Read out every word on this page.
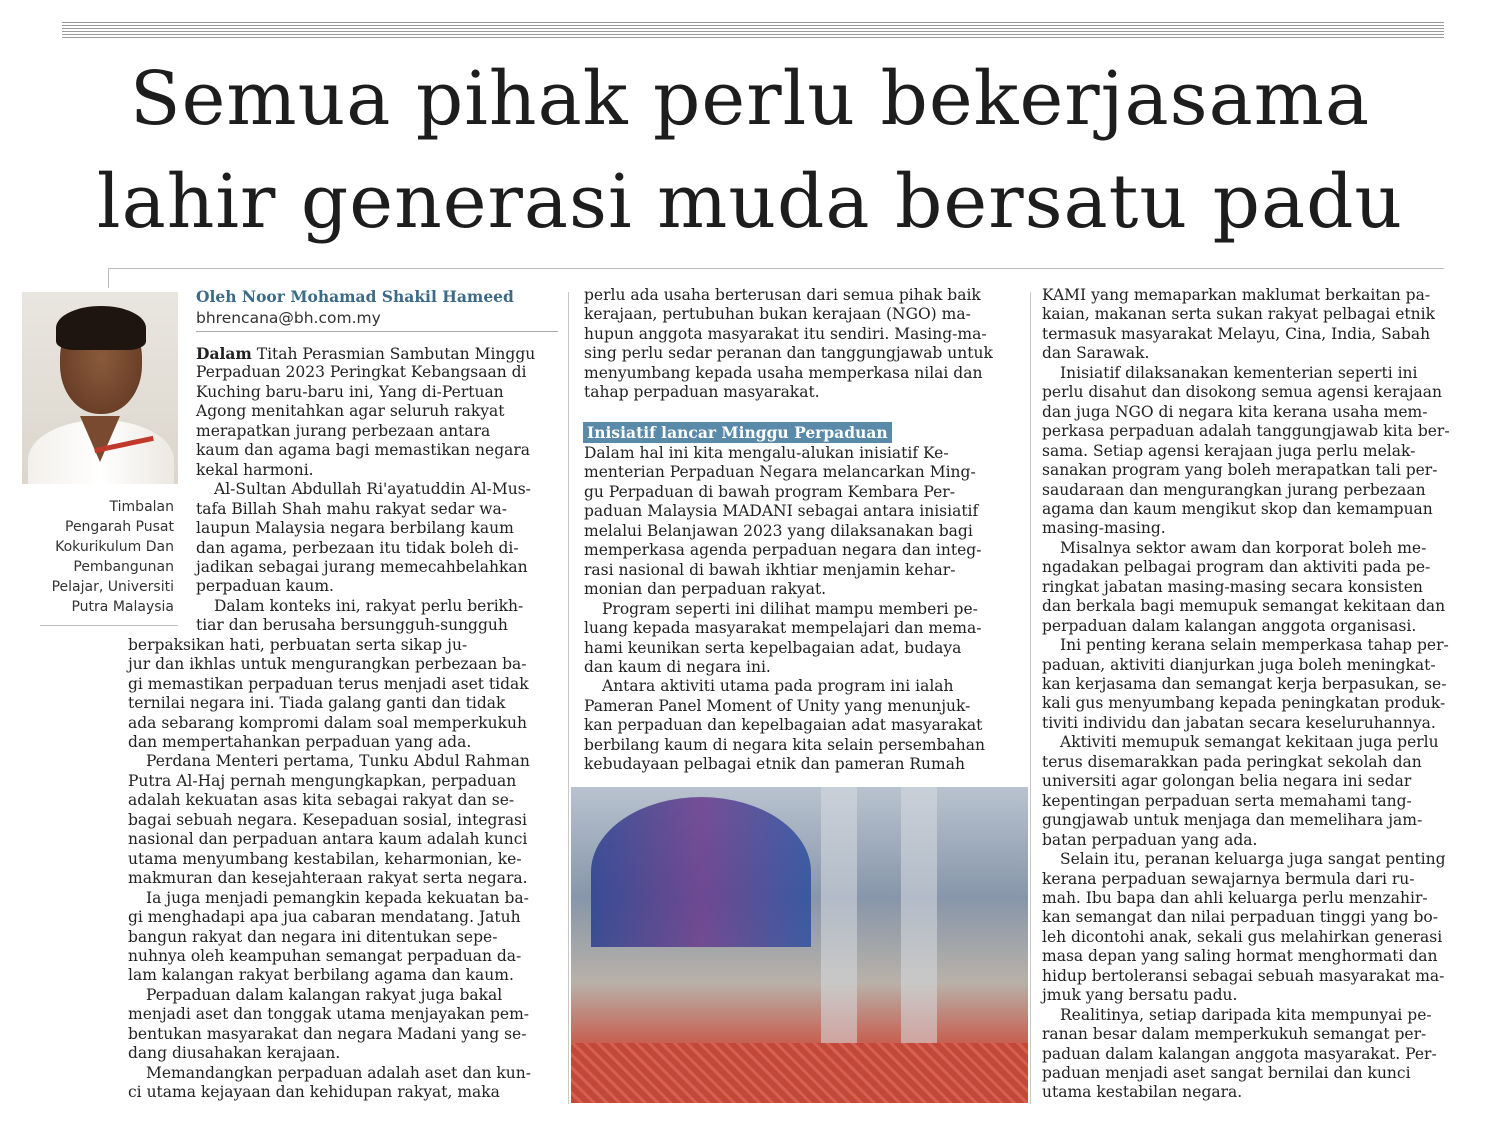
Semua pihak perlu bekerjasama
lahir generasi muda bersatu padu
Timbalan
Pengarah Pusat
Kokurikulum Dan
Pembangunan
Pelajar, Universiti
Putra Malaysia
Oleh Noor Mohamad Shakil Hameed
bhrencana@bh.com.my
Dalam Titah Perasmian Sambutan Minggu
Perpaduan 2023 Peringkat Kebangsaan di
Kuching baru-baru ini, Yang di-Pertuan
Agong menitahkan agar seluruh rakyat
merapatkan jurang perbezaan antara
kaum dan agama bagi memastikan negara
kekal harmoni.
Al-Sultan Abdullah Ri'ayatuddin Al-Mus-
tafa Billah Shah mahu rakyat sedar wa-
laupun Malaysia negara berbilang kaum
dan agama, perbezaan itu tidak boleh di-
jadikan sebagai jurang memecahbelahkan
perpaduan kaum.
Dalam konteks ini, rakyat perlu berikh-
tiar dan berusaha bersungguh-sungguh
berpaksikan hati, perbuatan serta sikap ju-
jur dan ikhlas untuk mengurangkan perbezaan ba-
gi memastikan perpaduan terus menjadi aset tidak
ternilai negara ini. Tiada galang ganti dan tidak
ada sebarang kompromi dalam soal memperkukuh
dan mempertahankan perpaduan yang ada.
Perdana Menteri pertama, Tunku Abdul Rahman
Putra Al-Haj pernah mengungkapkan, perpaduan
adalah kekuatan asas kita sebagai rakyat dan se-
bagai sebuah negara. Kesepaduan sosial, integrasi
nasional dan perpaduan antara kaum adalah kunci
utama menyumbang kestabilan, keharmonian, ke-
makmuran dan kesejahteraan rakyat serta negara.
Ia juga menjadi pemangkin kepada kekuatan ba-
gi menghadapi apa jua cabaran mendatang. Jatuh
bangun rakyat dan negara ini ditentukan sepe-
nuhnya oleh keampuhan semangat perpaduan da-
lam kalangan rakyat berbilang agama dan kaum.
Perpaduan dalam kalangan rakyat juga bakal
menjadi aset dan tonggak utama menjayakan pem-
bentukan masyarakat dan negara Madani yang se-
dang diusahakan kerajaan.
Memandangkan perpaduan adalah aset dan kun-
ci utama kejayaan dan kehidupan rakyat, maka
perlu ada usaha berterusan dari semua pihak baik
kerajaan, pertubuhan bukan kerajaan (NGO) ma-
hupun anggota masyarakat itu sendiri. Masing-ma-
sing perlu sedar peranan dan tanggungjawab untuk
menyumbang kepada usaha memperkasa nilai dan
tahap perpaduan masyarakat.
Dalam hal ini kita mengalu-alukan inisiatif Ke-
menterian Perpaduan Negara melancarkan Ming-
gu Perpaduan di bawah program Kembara Per-
paduan Malaysia MADANI sebagai antara inisiatif
melalui Belanjawan 2023 yang dilaksanakan bagi
memperkasa agenda perpaduan negara dan integ-
rasi nasional di bawah ikhtiar menjamin kehar-
monian dan perpaduan rakyat.
Program seperti ini dilihat mampu memberi pe-
luang kepada masyarakat mempelajari dan mema-
hami keunikan serta kepelbagaian adat, budaya
dan kaum di negara ini.
Antara aktiviti utama pada program ini ialah
Pameran Panel Moment of Unity yang menunjuk-
kan perpaduan dan kepelbagaian adat masyarakat
berbilang kaum di negara kita selain persembahan
kebudayaan pelbagai etnik dan pameran Rumah
Inisiatif lancar Minggu Perpaduan
KAMI yang memaparkan maklumat berkaitan pa-
kaian, makanan serta sukan rakyat pelbagai etnik
termasuk masyarakat Melayu, Cina, India, Sabah
dan Sarawak.
Inisiatif dilaksanakan kementerian seperti ini
perlu disahut dan disokong semua agensi kerajaan
dan juga NGO di negara kita kerana usaha mem-
perkasa perpaduan adalah tanggungjawab kita ber-
sama. Setiap agensi kerajaan juga perlu melak-
sanakan program yang boleh merapatkan tali per-
saudaraan dan mengurangkan jurang perbezaan
agama dan kaum mengikut skop dan kemampuan
masing-masing.
Misalnya sektor awam dan korporat boleh me-
ngadakan pelbagai program dan aktiviti pada pe-
ringkat jabatan masing-masing secara konsisten
dan berkala bagi memupuk semangat kekitaan dan
perpaduan dalam kalangan anggota organisasi.
Ini penting kerana selain memperkasa tahap per-
paduan, aktiviti dianjurkan juga boleh meningkat-
kan kerjasama dan semangat kerja berpasukan, se-
kali gus menyumbang kepada peningkatan produk-
tiviti individu dan jabatan secara keseluruhannya.
Aktiviti memupuk semangat kekitaan juga perlu
terus disemarakkan pada peringkat sekolah dan
universiti agar golongan belia negara ini sedar
kepentingan perpaduan serta memahami tang-
gungjawab untuk menjaga dan memelihara jam-
batan perpaduan yang ada.
Selain itu, peranan keluarga juga sangat penting
kerana perpaduan sewajarnya bermula dari ru-
mah. Ibu bapa dan ahli keluarga perlu menzahir-
kan semangat dan nilai perpaduan tinggi yang bo-
leh dicontohi anak, sekali gus melahirkan generasi
masa depan yang saling hormat menghormati dan
hidup bertoleransi sebagai sebuah masyarakat ma-
jmuk yang bersatu padu.
Realitinya, setiap daripada kita mempunyai pe-
ranan besar dalam memperkukuh semangat per-
paduan dalam kalangan anggota masyarakat. Per-
paduan menjadi aset sangat bernilai dan kunci
utama kestabilan negara.
